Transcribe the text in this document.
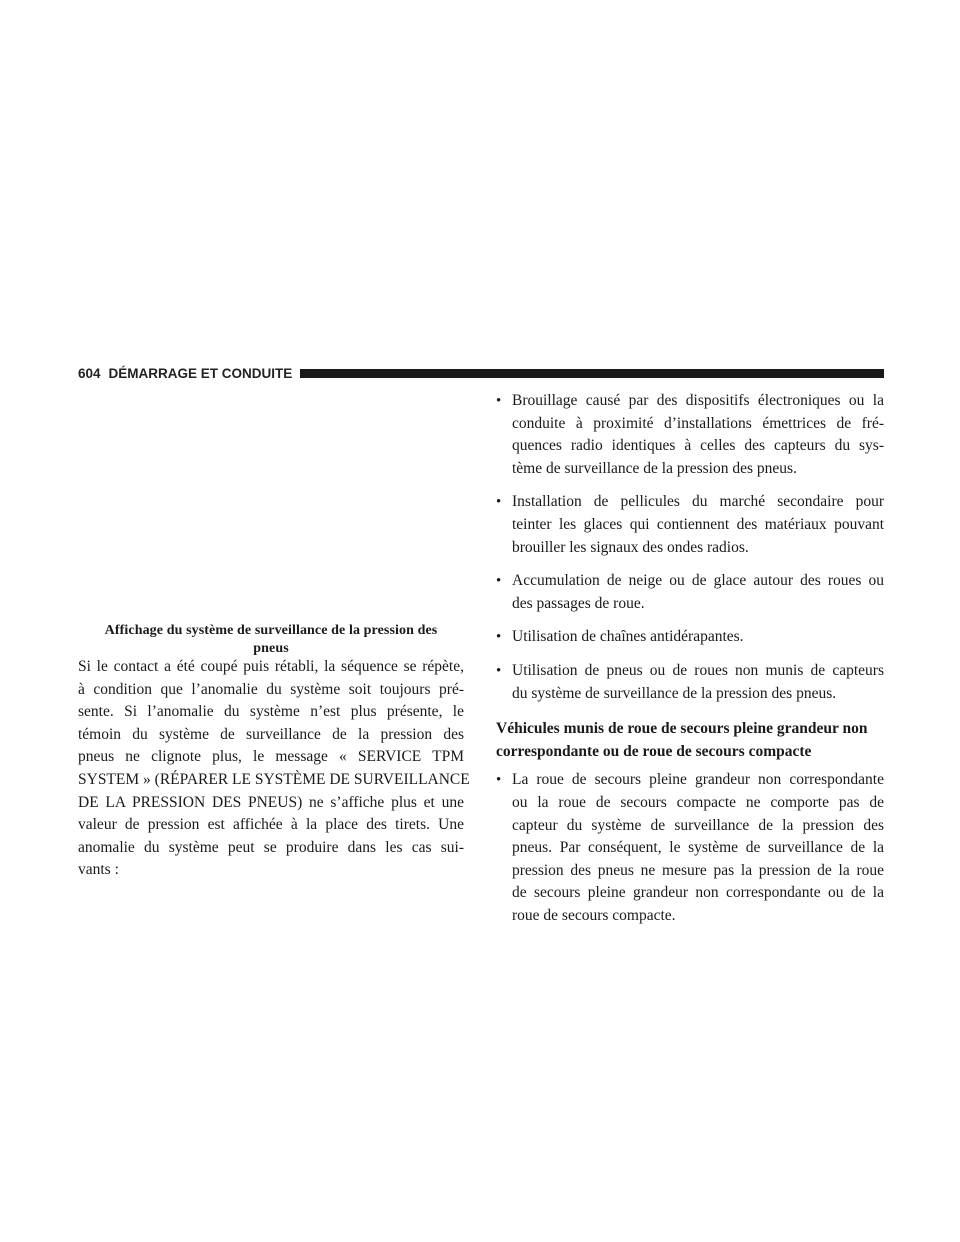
604 DÉMARRAGE ET CONDUITE
Affichage du système de surveillance de la pression des
pneus
Si le contact a été coupé puis rétabli, la séquence se répète,
à condition que l’anomalie du système soit toujours pré-
sente. Si l’anomalie du système n’est plus présente, le
témoin du système de surveillance de la pression des
pneus ne clignote plus, le message « SERVICE TPM
SYSTEM » (RÉPARER LE SYSTÈME DE SURVEILLANCE
DE LA PRESSION DES PNEUS) ne s’affiche plus et une
valeur de pression est affichée à la place des tirets. Une
anomalie du système peut se produire dans les cas sui-
vants :
• Brouillage causé par des dispositifs électroniques ou la
conduite à proximité d’installations émettrices de fré-
quences radio identiques à celles des capteurs du sys-
tème de surveillance de la pression des pneus.
• Installation de pellicules du marché secondaire pour
teinter les glaces qui contiennent des matériaux pouvant
brouiller les signaux des ondes radios.
• Accumulation de neige ou de glace autour des roues ou
des passages de roue.
• Utilisation de chaînes antidérapantes.
• Utilisation de pneus ou de roues non munis de capteurs
du système de surveillance de la pression des pneus.
Véhicules munis de roue de secours pleine grandeur non
correspondante ou de roue de secours compacte
• La roue de secours pleine grandeur non correspondante
ou la roue de secours compacte ne comporte pas de
capteur du système de surveillance de la pression des
pneus. Par conséquent, le système de surveillance de la
pression des pneus ne mesure pas la pression de la roue
de secours pleine grandeur non correspondante ou de la
roue de secours compacte.
